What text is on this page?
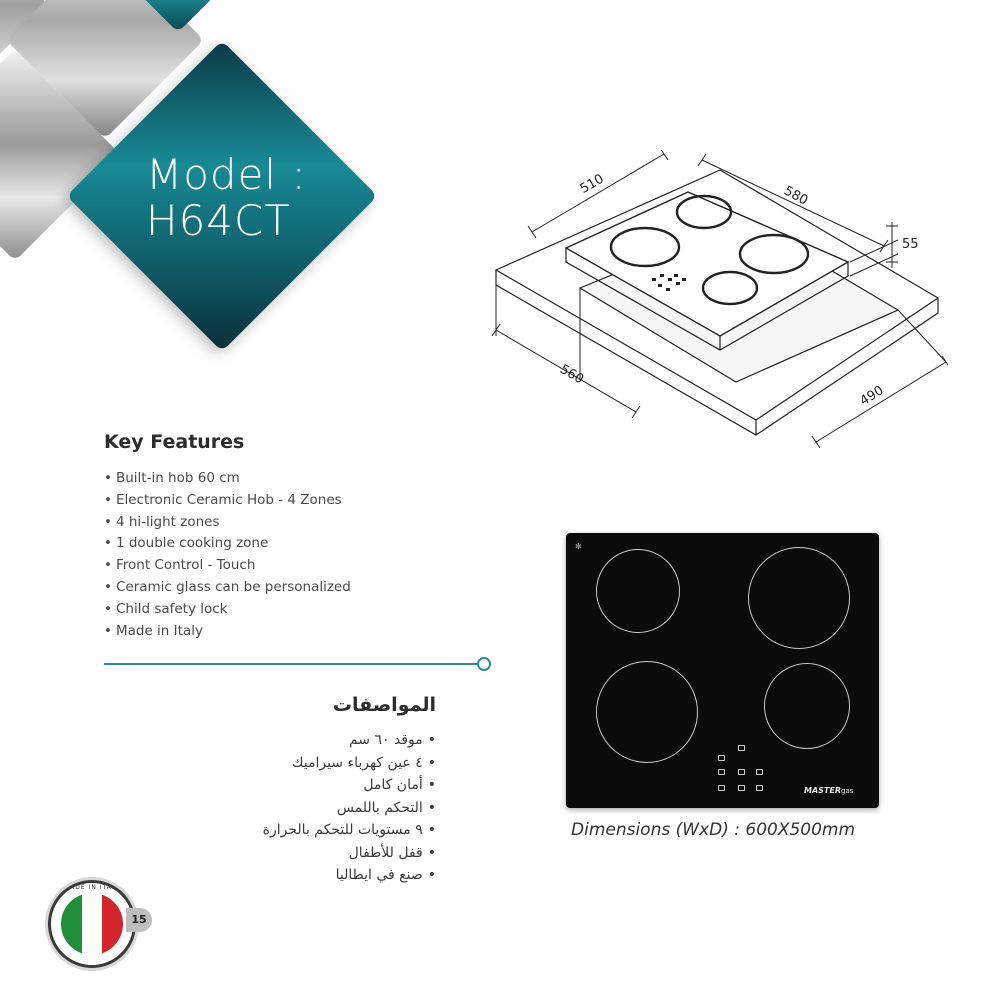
Model :
H64CT
510	580
55
560
490
Key Features
• Built-in hob 60 cm
• Electronic Ceramic Hob - 4 Zones
• 4 hi-light zones
• 1 double cooking zone
• Front Control - Touch
• Ceramic glass can be personalized
• Child safety lock
• Made in Italy
المواصفات
• موقد ٦٠ سم
• ٤ عين كهرباء سيراميك
• أمان كامل
• التحكم باللمس
• ٩ مستويات للتحكم بالحرارة
• قفل للأطفال
• صنع في ايطاليا
MADE IN ITALY
15
✻
MASTERgas
Dimensions (WxD) : 600X500mm
